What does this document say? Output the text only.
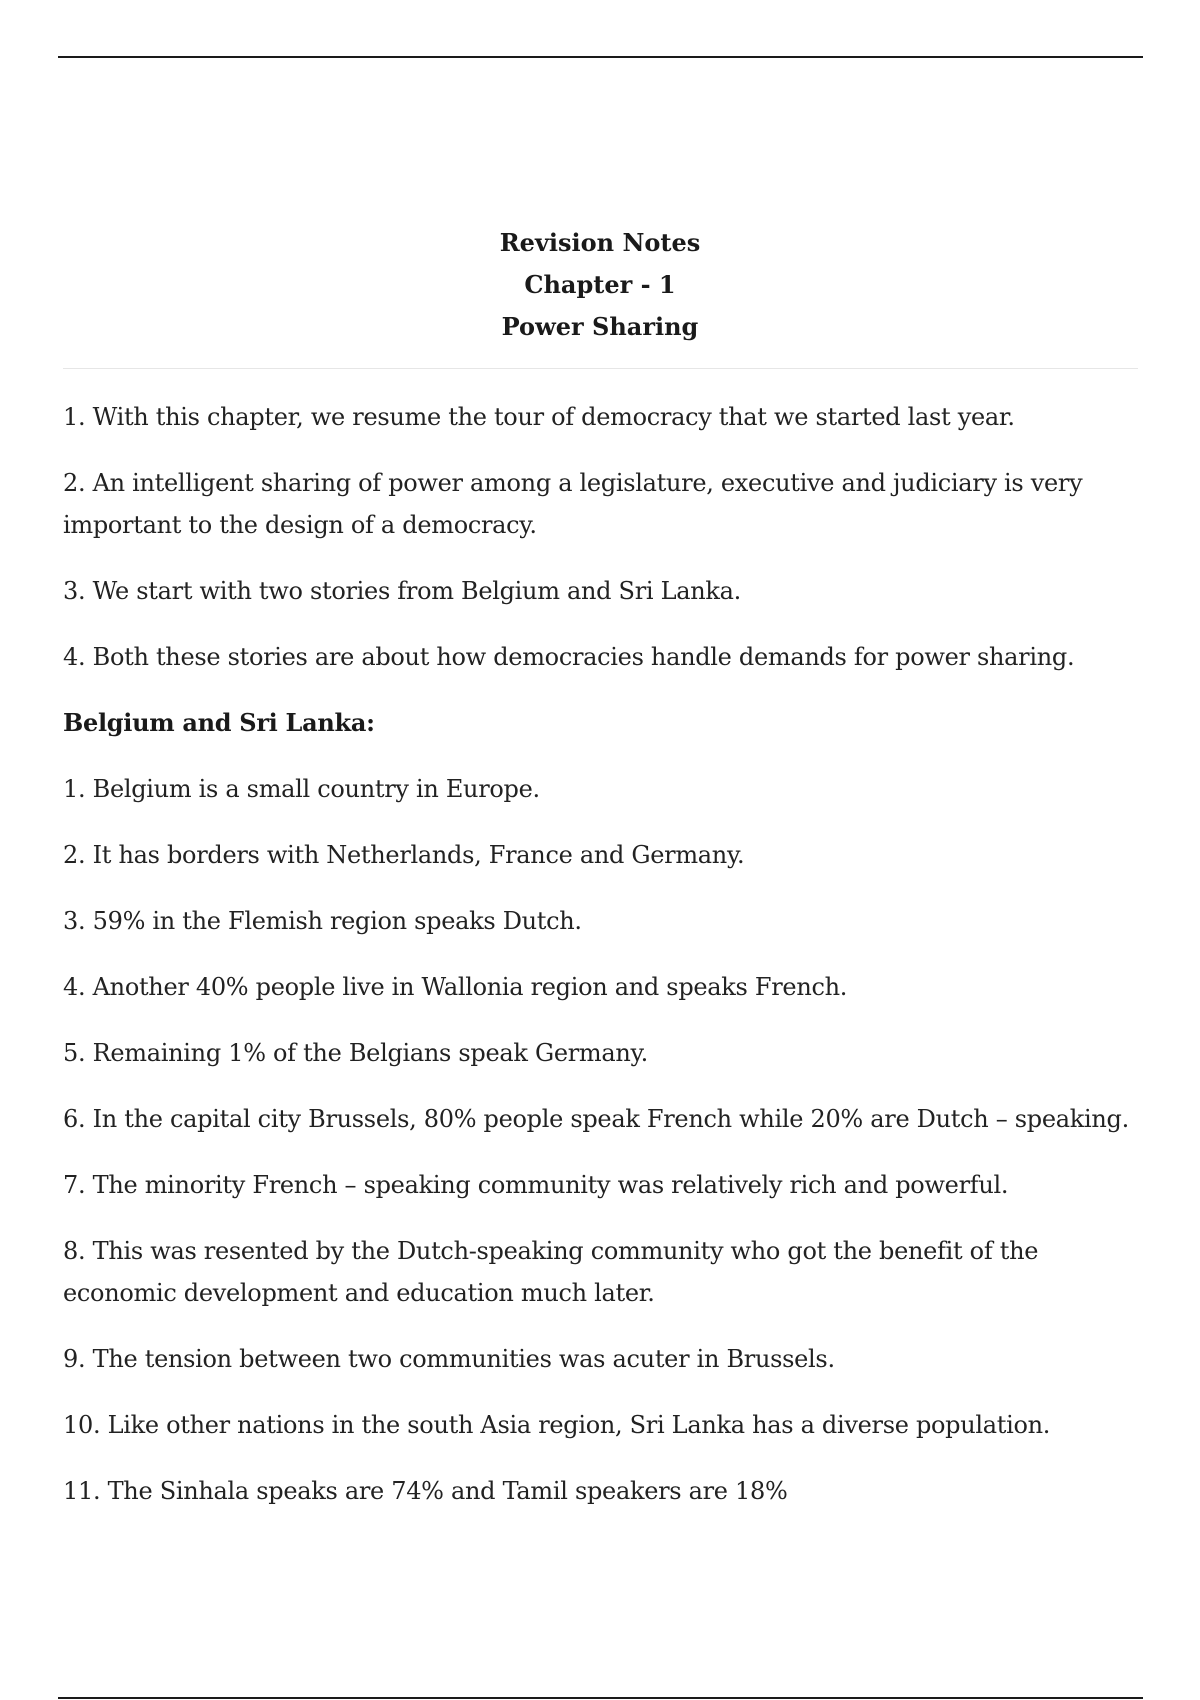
Revision Notes
Chapter - 1
Power Sharing

1. With this chapter, we resume the tour of democracy that we started last year.

2. An intelligent sharing of power among a legislature, executive and judiciary is very important to the design of a democracy.

3. We start with two stories from Belgium and Sri Lanka.

4. Both these stories are about how democracies handle demands for power sharing.

Belgium and Sri Lanka:

1. Belgium is a small country in Europe.

2. It has borders with Netherlands, France and Germany.

3. 59% in the Flemish region speaks Dutch.

4. Another 40% people live in Wallonia region and speaks French.

5. Remaining 1% of the Belgians speak Germany.

6. In the capital city Brussels, 80% people speak French while 20% are Dutch – speaking.

7. The minority French – speaking community was relatively rich and powerful.

8. This was resented by the Dutch-speaking community who got the benefit of the economic development and education much later.

9. The tension between two communities was acuter in Brussels.

10. Like other nations in the south Asia region, Sri Lanka has a diverse population.

11. The Sinhala speaks are 74% and Tamil speakers are 18%
